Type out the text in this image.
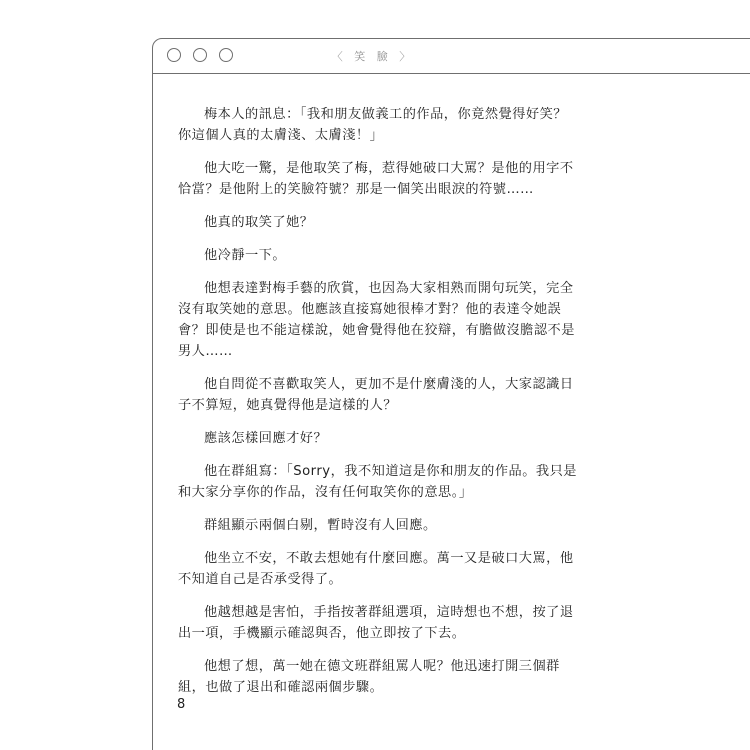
〈 笑 臉 〉

梅本人的訊息：「我和朋友做義工的作品，你竟然覺得好笑？你這個人真的太膚淺、太膚淺！」

他大吃一驚，是他取笑了梅，惹得她破口大罵？是他的用字不恰當？是他附上的笑臉符號？那是一個笑出眼淚的符號……

他真的取笑了她？

他冷靜一下。

他想表達對梅手藝的欣賞，也因為大家相熟而開句玩笑，完全沒有取笑她的意思。他應該直接寫她很棒才對？他的表達令她誤會？即使是也不能這樣說，她會覺得他在狡辯，有膽做沒膽認不是男人……

他自問從不喜歡取笑人，更加不是什麼膚淺的人，大家認識日子不算短，她真覺得他是這樣的人？

應該怎樣回應才好？

他在群組寫：「Sorry，我不知道這是你和朋友的作品。我只是和大家分享你的作品，沒有任何取笑你的意思。」

群組顯示兩個白剔，暫時沒有人回應。

他坐立不安，不敢去想她有什麼回應。萬一又是破口大罵，他不知道自己是否承受得了。

他越想越是害怕，手指按著群組選項，這時想也不想，按了退出一項，手機顯示確認與否，他立即按了下去。

他想了想，萬一她在德文班群組罵人呢？他迅速打開三個群組，也做了退出和確認兩個步驟。

8
